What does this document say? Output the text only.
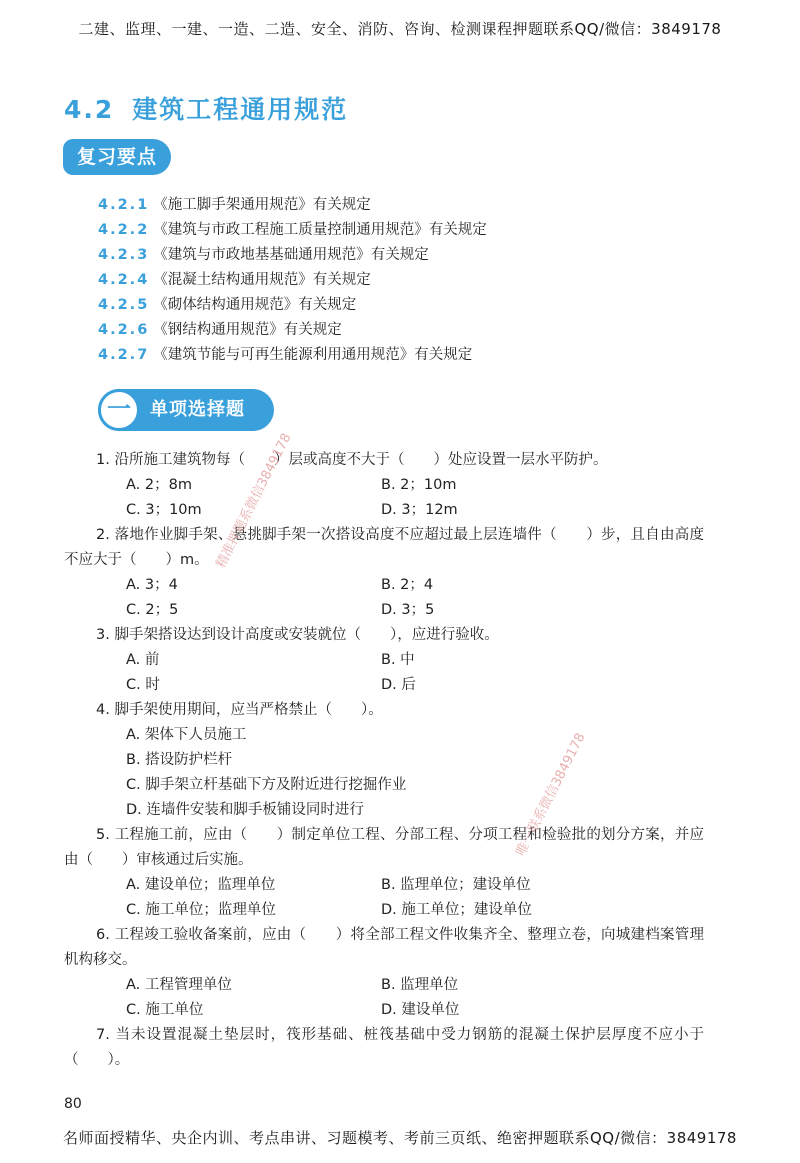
二建、监理、一建、一造、二造、安全、消防、咨询、检测课程押题联系QQ/微信：3849178
4.2 建筑工程通用规范
复习要点
4.2.1 《施工脚手架通用规范》有关规定
4.2.2 《建筑与市政工程施工质量控制通用规范》有关规定
4.2.3 《建筑与市政地基基础通用规范》有关规定
4.2.4 《混凝土结构通用规范》有关规定
4.2.5 《砌体结构通用规范》有关规定
4.2.6 《钢结构通用规范》有关规定
4.2.7 《建筑节能与可再生能源利用通用规范》有关规定
一	单项选择题
1. 沿所施工建筑物每（　　）层或高度不大于（　　）处应设置一层水平防护。
A. 2；8m	B. 2；10m
C. 3；10m	D. 3；12m
2. 落地作业脚手架、悬挑脚手架一次搭设高度不应超过最上层连墙件（　　）步，且自由高度不应大于（　　）m。
A. 3；4	B. 2；4
C. 2；5	D. 3；5
3. 脚手架搭设达到设计高度或安装就位（　　），应进行验收。
A. 前	B. 中
C. 时	D. 后
4. 脚手架使用期间，应当严格禁止（　　）。
A. 架体下人员施工
B. 搭设防护栏杆
C. 脚手架立杆基础下方及附近进行挖掘作业
D. 连墙件安装和脚手板铺设同时进行
5. 工程施工前，应由（　　）制定单位工程、分部工程、分项工程和检验批的划分方案，并应由（　　）审核通过后实施。
A. 建设单位；监理单位	B. 监理单位；建设单位
C. 施工单位；监理单位	D. 施工单位；建设单位
6. 工程竣工验收备案前，应由（　　）将全部工程文件收集齐全、整理立卷，向城建档案管理机构移交。
A. 工程管理单位	B. 监理单位
C. 施工单位	D. 建设单位
7. 当未设置混凝土垫层时，筏形基础、桩筏基础中受力钢筋的混凝土保护层厚度不应小于（　　）。
精准押题系微信3849178
唯一联系微信3849178
80
名师面授精华、央企内训、考点串讲、习题模考、考前三页纸、绝密押题联系QQ/微信：3849178
